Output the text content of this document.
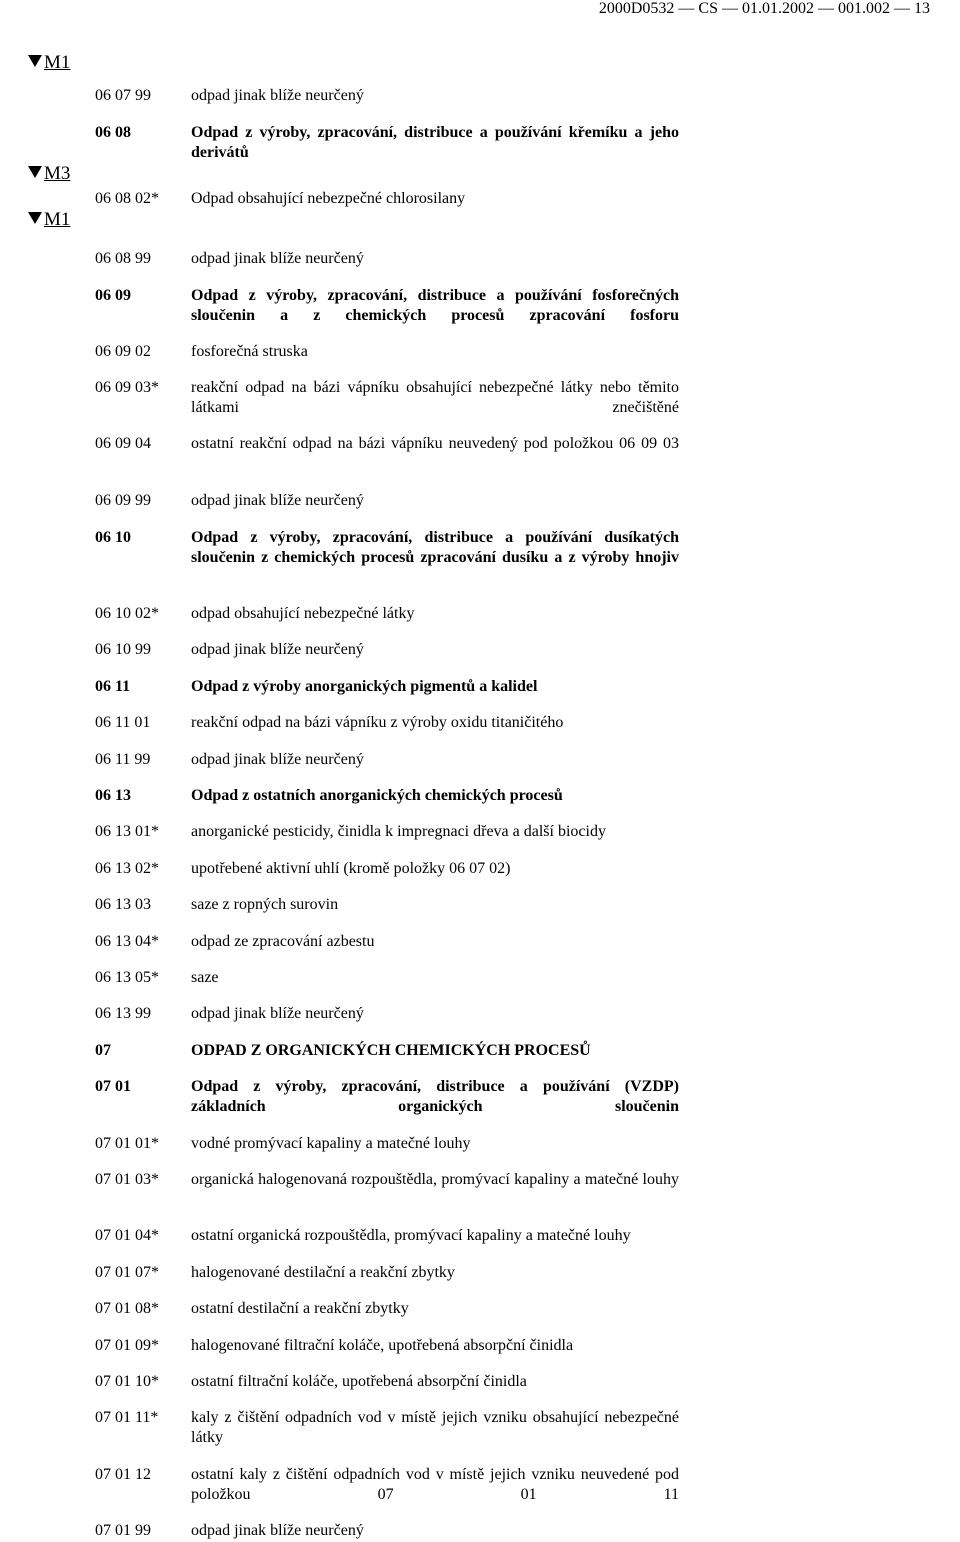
2000D0532 — CS — 01.01.2002 — 001.002 — 13
M1
M3
M1
06 07 99	odpad jinak blíže neurčený
06 08	Odpad z výroby, zpracování, distribuce a používání křemíku a jeho derivátů
06 08 02* Odpad obsahující nebezpečné chlorosilany
06 08 99	odpad jinak blíže neurčený
06 09	Odpad z výroby, zpracování, distribuce a používání fosforečných sloučenin a z chemických procesů zpracování fosforu
06 09 02	fosforečná struska
06 09 03* reakční odpad na bázi vápníku obsahující nebezpečné látky nebo těmito látkami znečištěné
06 09 04	ostatní reakční odpad na bázi vápníku neuvedený pod položkou 06 09 03
06 09 99	odpad jinak blíže neurčený
06 10	Odpad z výroby, zpracování, distribuce a používání dusíkatých sloučenin z chemických procesů zpracování dusíku a z výroby hnojiv
06 10 02* odpad obsahující nebezpečné látky
06 10 99	odpad jinak blíže neurčený
06 11	Odpad z výroby anorganických pigmentů a kalidel
06 11 01	reakční odpad na bázi vápníku z výroby oxidu titaničitého
06 11 99	odpad jinak blíže neurčený
06 13	Odpad z ostatních anorganických chemických procesů
06 13 01* anorganické pesticidy, činidla k impregnaci dřeva a další biocidy
06 13 02* upotřebené aktivní uhlí (kromě položky 06 07 02)
06 13 03	saze z ropných surovin
06 13 04* odpad ze zpracování azbestu
06 13 05* saze
06 13 99	odpad jinak blíže neurčený
07	ODPAD Z ORGANICKÝCH CHEMICKÝCH PROCESŮ
07 01	Odpad z výroby, zpracování, distribuce a používání (VZDP) základních organických sloučenin
07 01 01* vodné promývací kapaliny a matečné louhy
07 01 03* organická halogenovaná rozpouštědla, promývací kapaliny a matečné louhy
07 01 04* ostatní organická rozpouštědla, promývací kapaliny a matečné louhy
07 01 07* halogenované destilační a reakční zbytky
07 01 08* ostatní destilační a reakční zbytky
07 01 09* halogenované filtrační koláče, upotřebená absorpční činidla
07 01 10* ostatní filtrační koláče, upotřebená absorpční činidla
07 01 11* kaly z čištění odpadních vod v místě jejich vzniku obsahující nebezpečné látky
07 01 12	ostatní kaly z čištění odpadních vod v místě jejich vzniku neuvedené pod položkou 07 01 11
07 01 99	odpad jinak blíže neurčený
